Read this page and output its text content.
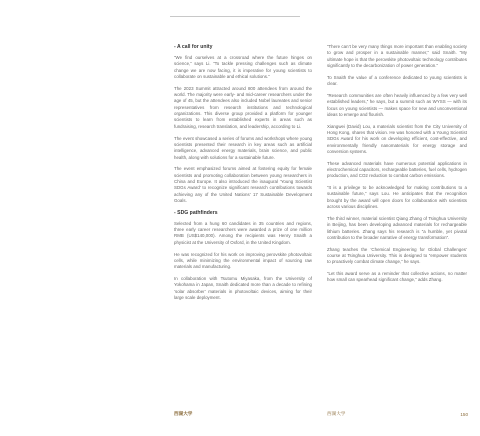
- A call for unity

“We find ourselves at a crossroad where the future hinges on science,” says Li. “To tackle pressing challenges such as climate change we are now facing, it is imperative for young scientists to collaborate on sustainable and ethical solutions.”

The 2023 Summit attracted around 800 attendees from around the world. The majority were early- and mid-career researchers under the age of 45, but the attendees also included Nobel laureates and senior representatives from research institutions and technological organizations. This diverse group provided a platform for younger scientists to learn from established experts in areas such as fundraising, research translation, and leadership, according to Li.

The event showcased a series of forums and workshops where young scientists presented their research in key areas such as artificial intelligence, advanced energy materials, brain science, and public health, along with solutions for a sustainable future.

The event emphasized forums aimed at fostering equity for female scientists and promoting collaboration between young researchers in China and Europe. It also introduced the inaugural ‘Young Scientist SDGs Award’ to recognize significant research contributions towards achieving any of the United Nations’ 17 Sustainable Development Goals.

- SDG pathfinders

Selected from a hung 60 candidates in 35 countries and regions, three early career researchers were awarded a prize of one million RMB (US$140,000). Among the recipients was Henry Snaith a physicist at the University of Oxford, in the United Kingdom.

He was recognized for his work on improving perovskite photovoltaic cells, while minimizing the environmental impact of sourcing raw materials and manufacturing.

In collaboration with Tsutomu Miyasaka, from the University of Yokohama in Japan, Snaith dedicated more than a decade to refining ‘solar absorber’ materials in photovoltaic devices, aiming for their large scale deployment.

“There can’t be very many things more important than enabling society to grow and prosper in a sustainable manner,” said Snaith. “My ultimate hope is that the perovskite photovoltaic technology contributes significantly to the decarbonization of power generation.”

To Snaith the value of a conference dedicated to young scientists is clear.

“Research communities are often heavily influenced by a few very well established leaders,” he says, but a summit such as WYSS — with its focus on young scientists — makes space for new and unconventional ideas to emerge and flourish.

Xiangwei (David) Lou, a materials scientist from the City University of Hong Kong, shares that vision. He was honored with a Young Scientist SDGs Award for his work on developing efficient, cost-effective, and environmentally friendly nanomaterials for energy storage and conversion systems.

These advanced materials have numerous potential applications in electrochemical capacitors, rechargeable batteries, fuel cells, hydrogen production, and CO2 reduction to combat carbon emissions.

“It is a privilege to be acknowledged for making contributions to a sustainable future,” says Lou. He anticipates that the recognition brought by the award will open doors for collaboration with scientists across various disciplines.

The third winner, material scientist Qiang Zhang of Tsinghua University in Beijing, has been developing advanced materials for rechargeable lithium batteries. Zhang says his research is “a humble, yet pivotal contribution to the broader narrative of energy transformation”.

Zhang teaches the ‘Chemical Engineering for Global Challenges’ course at Tsinghua University. This is designed to “empower students to proactively combat climate change,” he says.

“Let this award serve as a reminder that collective actions, no matter how small can spearhead significant change,” adds Zhang.

西湖大学	西湖大学	150
